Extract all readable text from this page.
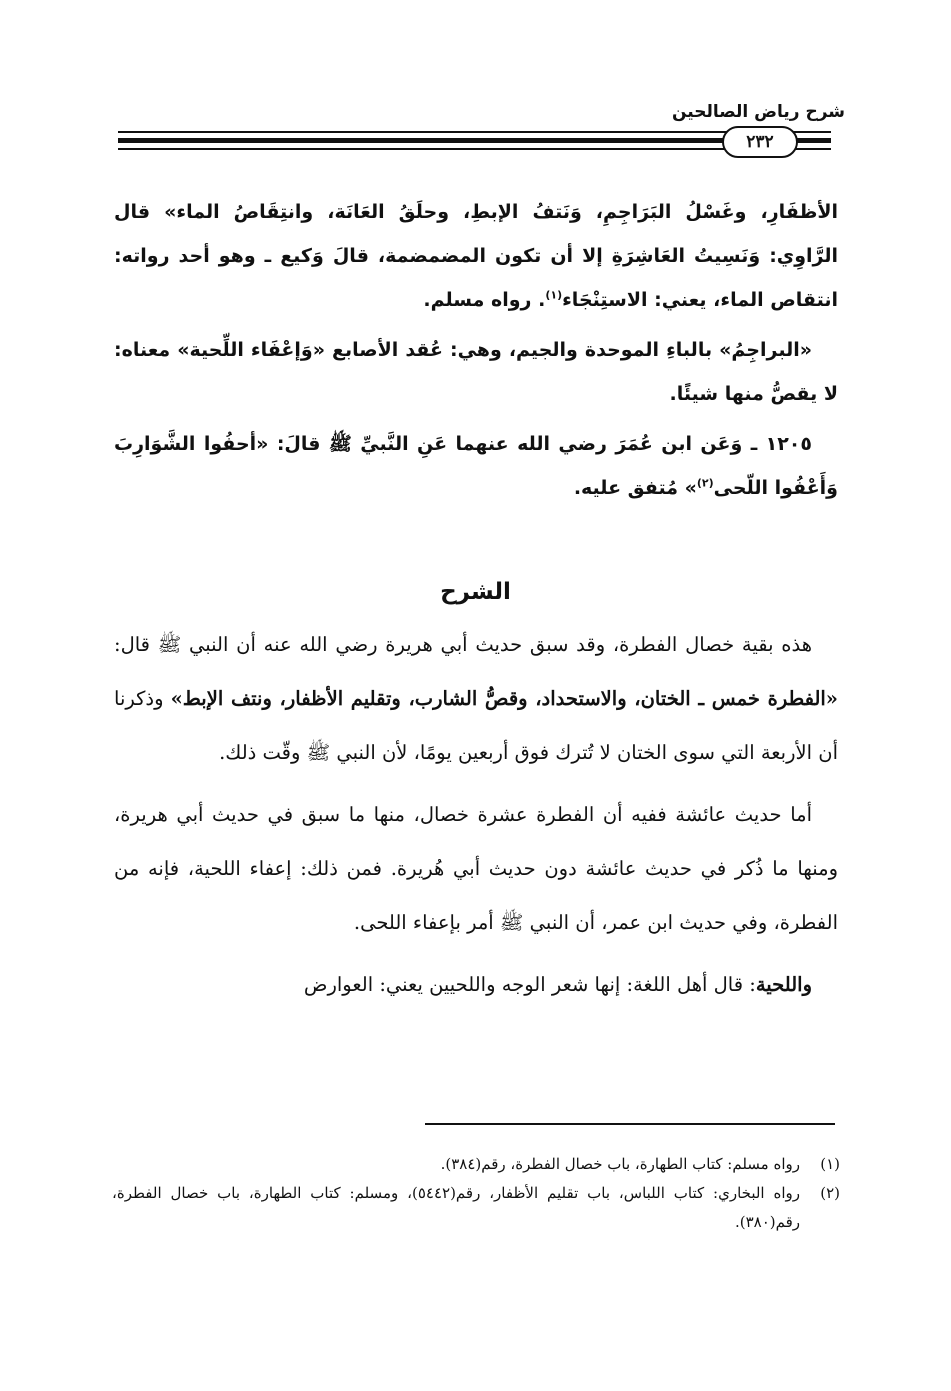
شرح رياض الصالحين
٢٣٢

الأظفَارِ، وغَسْلُ البَرَاجِمِ، وَنَتفُ الإبطِ، وحلَقُ العَانَة، وانتِقَاصُ الماء» قال الرَّاوِي: وَنَسِيتُ العَاشِرَةِ إلا أن تكون المضمضمة، قالَ وَكيع ـ وهو أحد رواته: انتقاص الماء، يعني: الاستِنْجَاء$^{(١)}$. رواه مسلم.

«البراجِمُ» بالباءِ الموحدة والجيم، وهي: عُقد الأصابع «وَإعْفَاء اللِّحية» معناه: لا يقصُّ منها شيئًا.

١٢٠٥ ـ وَعَن ابن عُمَرَ رضي الله عنهما عَنِ النَّبيِّ ﷺ قالَ: «أحفُوا الشَّوَارِبَ وَأَعْفُوا اللّحى$^{(٢)}$» مُتفق عليه.

الشرح

هذه بقية خصال الفطرة، وقد سبق حديث أبي هريرة رضي الله عنه أن النبي ﷺ قال: «الفطرة خمس ـ الختان، والاستحداد، وقصُّ الشارب، وتقليم الأظفار، ونتف الإبط» وذكرنا أن الأربعة التي سوى الختان لا تُترك فوق أربعين يومًا، لأن النبي ﷺ وقّت ذلك.

أما حديث عائشة ففيه أن الفطرة عشرة خصال، منها ما سبق في حديث أبي هريرة، ومنها ما ذُكر في حديث عائشة دون حديث أبي هُريرة. فمن ذلك: إعفاء اللحية، فإنه من الفطرة، وفي حديث ابن عمر، أن النبي ﷺ أمر بإعفاء اللحى.

واللحية: قال أهل اللغة: إنها شعر الوجه واللحيين يعني: العوارض

(١)
رواه مسلم: كتاب الطهارة، باب خصال الفطرة، رقم(٣٨٤).
(٢)
رواه البخاري: كتاب اللباس، باب تقليم الأظفار، رقم(٥٤٤٢)، ومسلم: كتاب الطهارة، باب خصال الفطرة، رقم(٣٨٠).
